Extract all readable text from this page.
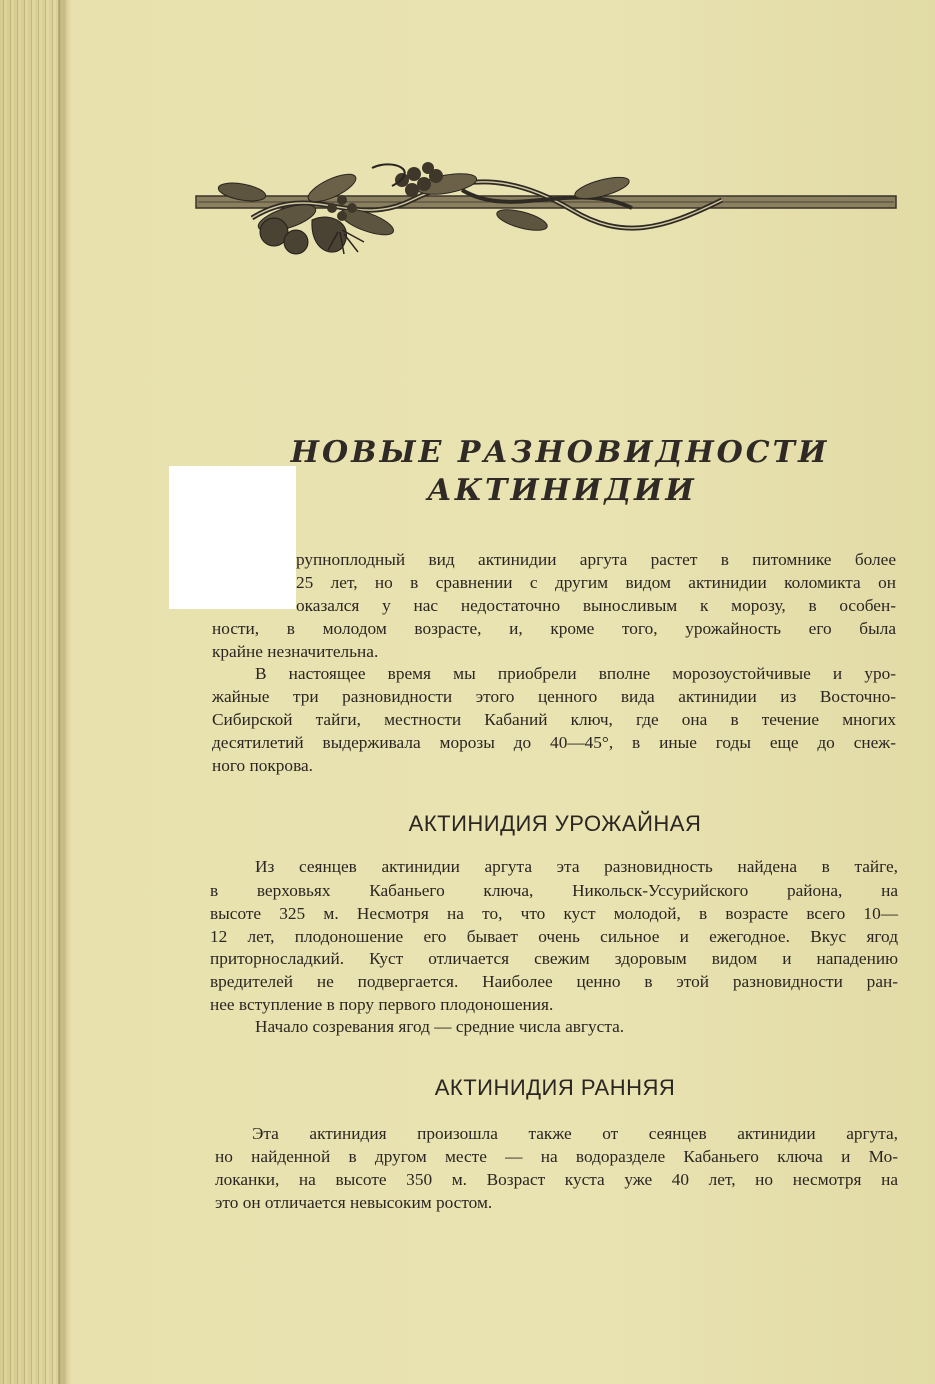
НОВЫЕ РАЗНОВИДНОСТИ
АКТИНИДИИ

рупноплодный вид актинидии аргута растет в питомнике более

25 лет, но в сравнении с другим видом актинидии коломикта он

оказался у нас недостаточно выносливым к морозу, в особен-

ности, в молодом возрасте, и, кроме того, урожайность его была

крайне незначительна.

В настоящее время мы приобрели вполне морозоустойчивые и уро-

жайные три разновидности этого ценного вида актинидии из Восточно-

Сибирской тайги, местности Кабаний ключ, где она в течение многих

десятилетий выдерживала морозы до 40—45°, в иные годы еще до снеж-

ного покрова.

АКТИНИДИЯ УРОЖАЙНАЯ

Из сеянцев актинидии аргута эта разновидность найдена в тайге,

в верховьях Кабаньего ключа, Никольск-Уссурийского района, на

высоте 325 м. Несмотря на то, что куст молодой, в возрасте всего 10—

12 лет, плодоношение его бывает очень сильное и ежегодное. Вкус ягод

приторносладкий. Куст отличается свежим здоровым видом и нападению

вредителей не подвергается. Наиболее ценно в этой разновидности ран-

нее вступление в пору первого плодоношения.

Начало созревания ягод — средние числа августа.

АКТИНИДИЯ РАННЯЯ

Эта актинидия произошла также от сеянцев актинидии аргута,

но найденной в другом месте — на водоразделе Кабаньего ключа и Мо-

локанки, на высоте 350 м. Возраст куста уже 40 лет, но несмотря на

это он отличается невысоким ростом.
